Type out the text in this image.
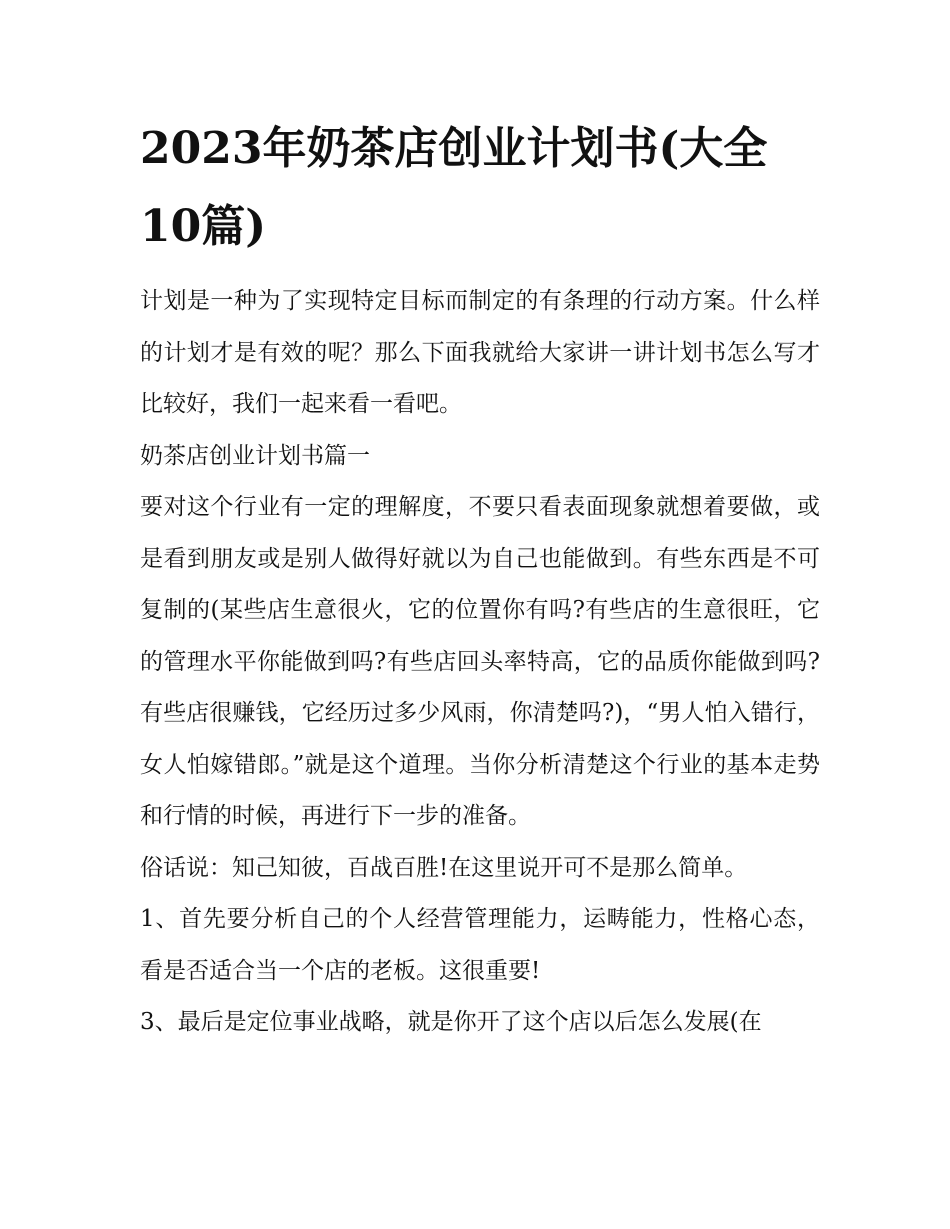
2023年奶茶店创业计划书(大全10篇)

计划是一种为了实现特定目标而制定的有条理的行动方案。什么样的计划才是有效的呢？那么下面我就给大家讲一讲计划书怎么写才比较好，我们一起来看一看吧。

奶茶店创业计划书篇一

要对这个行业有一定的理解度，不要只看表面现象就想着要做，或是看到朋友或是别人做得好就以为自己也能做到。有些东西是不可复制的(某些店生意很火，它的位置你有吗?有些店的生意很旺，它的管理水平你能做到吗?有些店回头率特高，它的品质你能做到吗?有些店很赚钱，它经历过多少风雨，你清楚吗?)，“男人怕入错行，女人怕嫁错郎。”就是这个道理。当你分析清楚这个行业的基本走势和行情的时候，再进行下一步的准备。

俗话说：知己知彼，百战百胜!在这里说开可不是那么简单。

1、首先要分析自己的个人经营管理能力，运畴能力，性格心态，看是否适合当一个店的老板。这很重要!

3、最后是定位事业战略，就是你开了这个店以后怎么发展(在
